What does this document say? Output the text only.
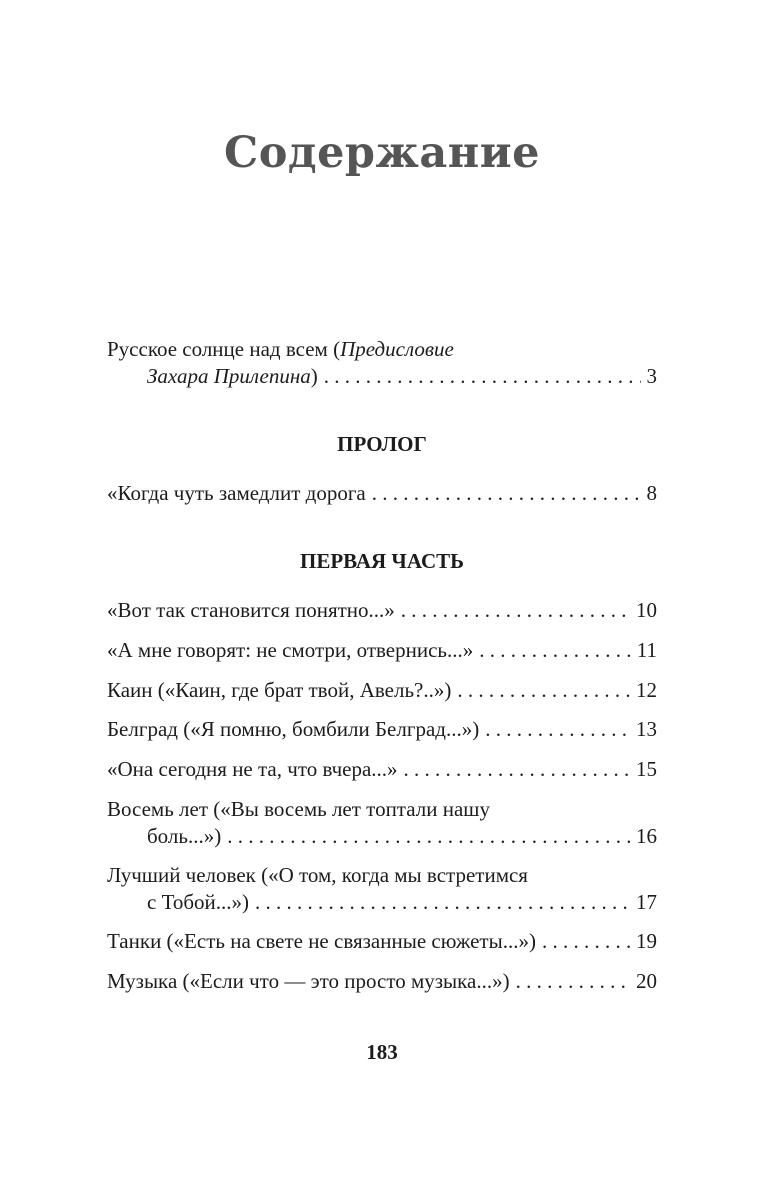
Содержание
Русское солнце над всем ( Предисловие
Захара Прилепина ) . . .	3
ПРОЛОГ
«Когда чуть замедлит дорога . . .	8
ПЕРВАЯ ЧАСТЬ
«Вот так становится понятно...» . . .	10
«А мне говорят: не смотри, отвернись...» . . .	11
Каин («Каин, где брат твой, Авель?..») . . .	12
Белград («Я помню, бомбили Белград...») . . .	13
«Она сегодня не та, что вчера...» . . .	15
Восемь лет («Вы восемь лет топтали нашу
боль...») . . .	16
Лучший человек («О том, когда мы встретимся
с Тобой...») . . .	17
Танки («Есть на свете не связанные сюжеты...») . . .	19
Музыка («Если что — это просто музыка...») . . .	20
183
